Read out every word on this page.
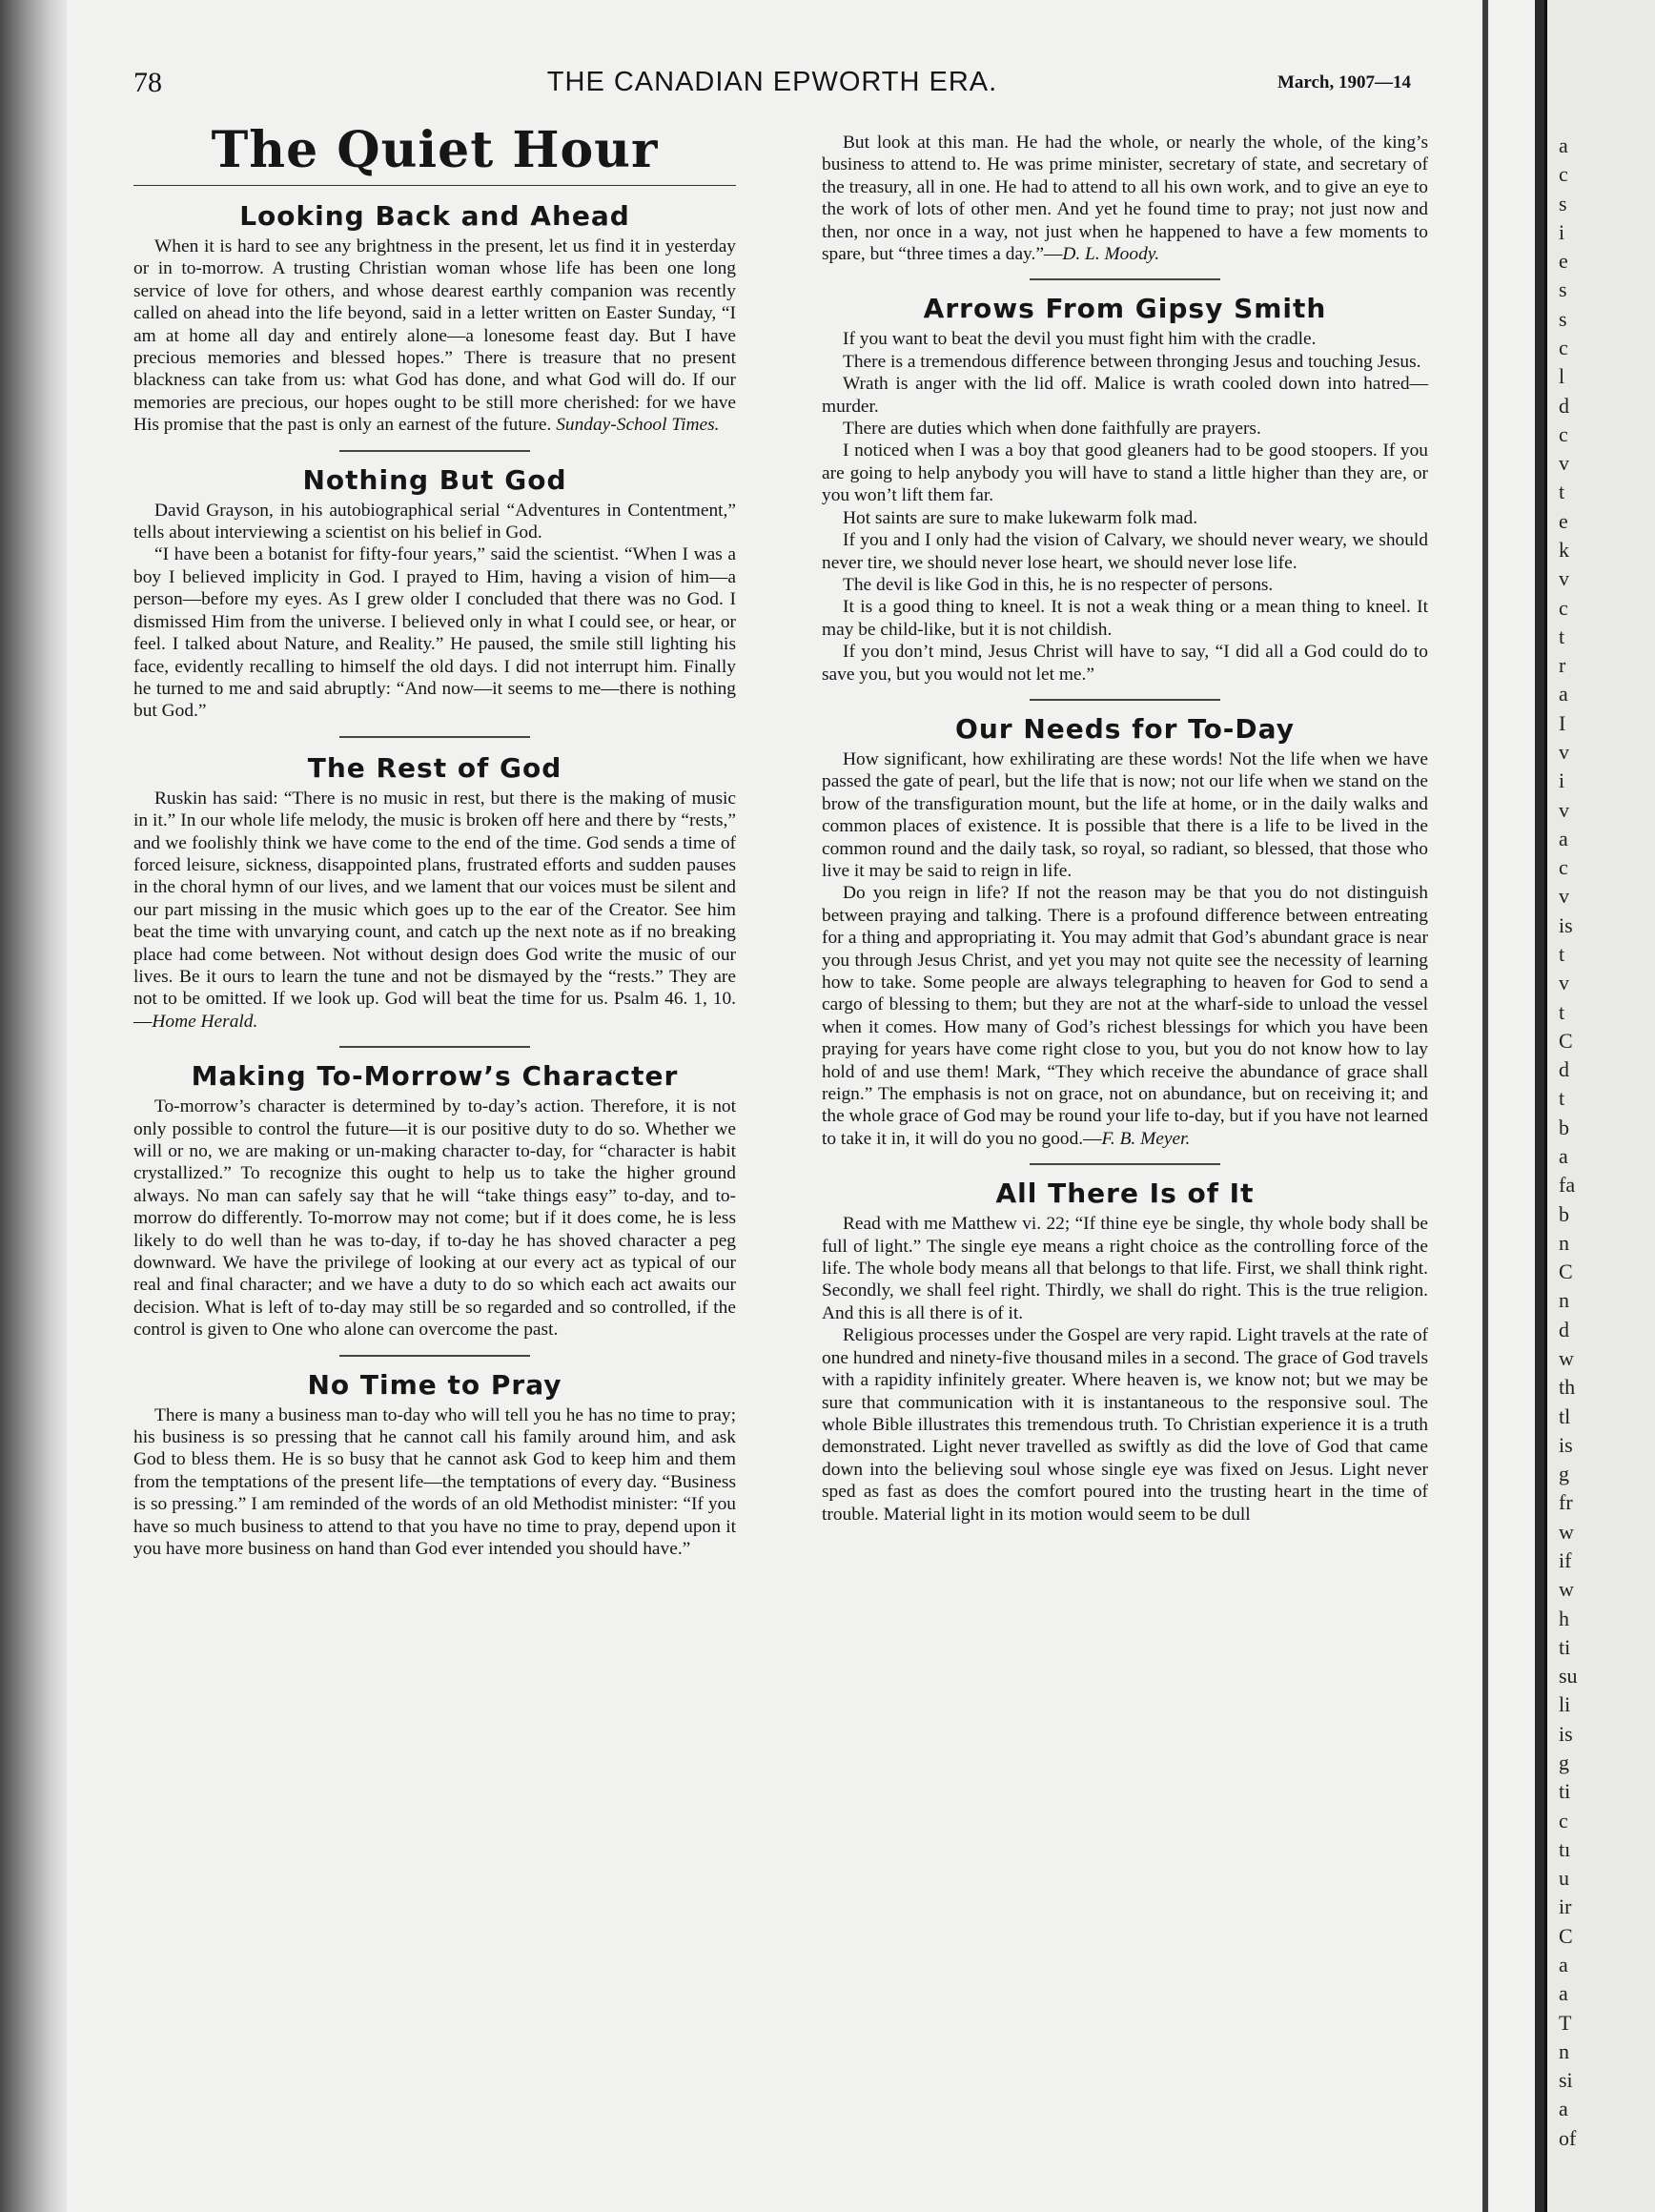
78	THE CANADIAN EPWORTH ERA.	March, 1907—14
The Quiet Hour
Looking Back and Ahead

When it is hard to see any brightness in the present, let us find it in yesterday or in to-morrow. A trusting Christian woman whose life has been one long service of love for others, and whose dearest earthly companion was recently called on ahead into the life beyond, said in a letter written on Easter Sunday, “I am at home all day and entirely alone—a lonesome feast day. But I have precious memories and blessed hopes.” There is treasure that no present blackness can take from us: what God has done, and what God will do. If our memories are precious, our hopes ought to be still more cherished: for we have His promise that the past is only an earnest of the future. Sunday-School Times.

Nothing But God

David Grayson, in his autobiographical serial “Adventures in Contentment,” tells about interviewing a scientist on his belief in God.

“I have been a botanist for fifty-four years,” said the scientist. “When I was a boy I believed implicity in God. I prayed to Him, having a vision of him—a person—before my eyes. As I grew older I concluded that there was no God. I dismissed Him from the universe. I believed only in what I could see, or hear, or feel. I talked about Nature, and Reality.” He paused, the smile still lighting his face, evidently recalling to himself the old days. I did not interrupt him. Finally he turned to me and said abruptly: “And now—it seems to me—there is nothing but God.”

The Rest of God

Ruskin has said: “There is no music in rest, but there is the making of music in it.” In our whole life melody, the music is broken off here and there by “rests,” and we foolishly think we have come to the end of the time. God sends a time of forced leisure, sickness, disappointed plans, frustrated efforts and sudden pauses in the choral hymn of our lives, and we lament that our voices must be silent and our part missing in the music which goes up to the ear of the Creator. See him beat the time with unvarying count, and catch up the next note as if no breaking place had come between. Not without design does God write the music of our lives. Be it ours to learn the tune and not be dismayed by the “rests.” They are not to be omitted. If we look up. God will beat the time for us. Psalm 46. 1, 10.—Home Herald.

Making To-Morrow’s Character

To-morrow’s character is determined by to-day’s action. Therefore, it is not only possible to control the future—it is our positive duty to do so. Whether we will or no, we are making or un-making character to-day, for “character is habit crystallized.” To recognize this ought to help us to take the higher ground always. No man can safely say that he will “take things easy” to-day, and to-morrow do differently. To-morrow may not come; but if it does come, he is less likely to do well than he was to-day, if to-day he has shoved character a peg downward. We have the privilege of looking at our every act as typical of our real and final character; and we have a duty to do so which each act awaits our decision. What is left of to-day may still be so regarded and so controlled, if the control is given to One who alone can overcome the past.

No Time to Pray

There is many a business man to-day who will tell you he has no time to pray; his business is so pressing that he cannot call his family around him, and ask God to bless them. He is so busy that he cannot ask God to keep him and them from the temptations of the present life—the temptations of every day. “Business is so pressing.” I am reminded of the words of an old Methodist minister: “If you have so much business to attend to that you have no time to pray, depend upon it you have more business on hand than God ever intended you should have.”

But look at this man. He had the whole, or nearly the whole, of the king’s business to attend to. He was prime minister, secretary of state, and secretary of the treasury, all in one. He had to attend to all his own work, and to give an eye to the work of lots of other men. And yet he found time to pray; not just now and then, nor once in a way, not just when he happened to have a few moments to spare, but “three times a day.”—D. L. Moody.

Arrows From Gipsy Smith

If you want to beat the devil you must fight him with the cradle.

There is a tremendous difference between thronging Jesus and touching Jesus.

Wrath is anger with the lid off. Malice is wrath cooled down into hatred—murder.

There are duties which when done faithfully are prayers.

I noticed when I was a boy that good gleaners had to be good stoopers. If you are going to help anybody you will have to stand a little higher than they are, or you won’t lift them far.

Hot saints are sure to make lukewarm folk mad.

If you and I only had the vision of Calvary, we should never weary, we should never tire, we should never lose heart, we should never lose life.

The devil is like God in this, he is no respecter of persons.

It is a good thing to kneel. It is not a weak thing or a mean thing to kneel. It may be child-like, but it is not childish.

If you don’t mind, Jesus Christ will have to say, “I did all a God could do to save you, but you would not let me.”

Our Needs for To-Day

How significant, how exhilirating are these words! Not the life when we have passed the gate of pearl, but the life that is now; not our life when we stand on the brow of the transfiguration mount, but the life at home, or in the daily walks and common places of existence. It is possible that there is a life to be lived in the common round and the daily task, so royal, so radiant, so blessed, that those who live it may be said to reign in life.

Do you reign in life? If not the reason may be that you do not distinguish between praying and talking. There is a profound difference between entreating for a thing and appropriating it. You may admit that God’s abundant grace is near you through Jesus Christ, and yet you may not quite see the necessity of learning how to take. Some people are always telegraphing to heaven for God to send a cargo of blessing to them; but they are not at the wharf-side to unload the vessel when it comes. How many of God’s richest blessings for which you have been praying for years have come right close to you, but you do not know how to lay hold of and use them! Mark, “They which receive the abundance of grace shall reign.” The emphasis is not on grace, not on abundance, but on receiving it; and the whole grace of God may be round your life to-day, but if you have not learned to take it in, it will do you no good.—F. B. Meyer.

All There Is of It

Read with me Matthew vi. 22; “If thine eye be single, thy whole body shall be full of light.” The single eye means a right choice as the controlling force of the life. The whole body means all that belongs to that life. First, we shall think right. Secondly, we shall feel right. Thirdly, we shall do right. This is the true religion. And this is all there is of it.

Religious processes under the Gospel are very rapid. Light travels at the rate of one hundred and ninety-five thousand miles in a second. The grace of God travels with a rapidity infinitely greater. Where heaven is, we know not; but we may be sure that communication with it is instantaneous to the responsive soul. The whole Bible illustrates this tremendous truth. To Christian experience it is a truth demonstrated. Light never travelled as swiftly as did the love of God that came down into the believing soul whose single eye was fixed on Jesus. Light never sped as fast as does the comfort poured into the trusting heart in the time of trouble. Material light in its motion would seem to be dull

a
c
s
i
e
s
s
c
l
d
c
v
t
e
k
v
c
t
r
a
I
v
i
v
a
c
v
is
t
v
t
C
d
t
b
a
fa
b
n
C
n
d
w
th
tl
is
g
fr
w
if
w
h
ti
su
li
is
g
ti
c
tı
u
ir
C
a
a
T
n
si
a
of
